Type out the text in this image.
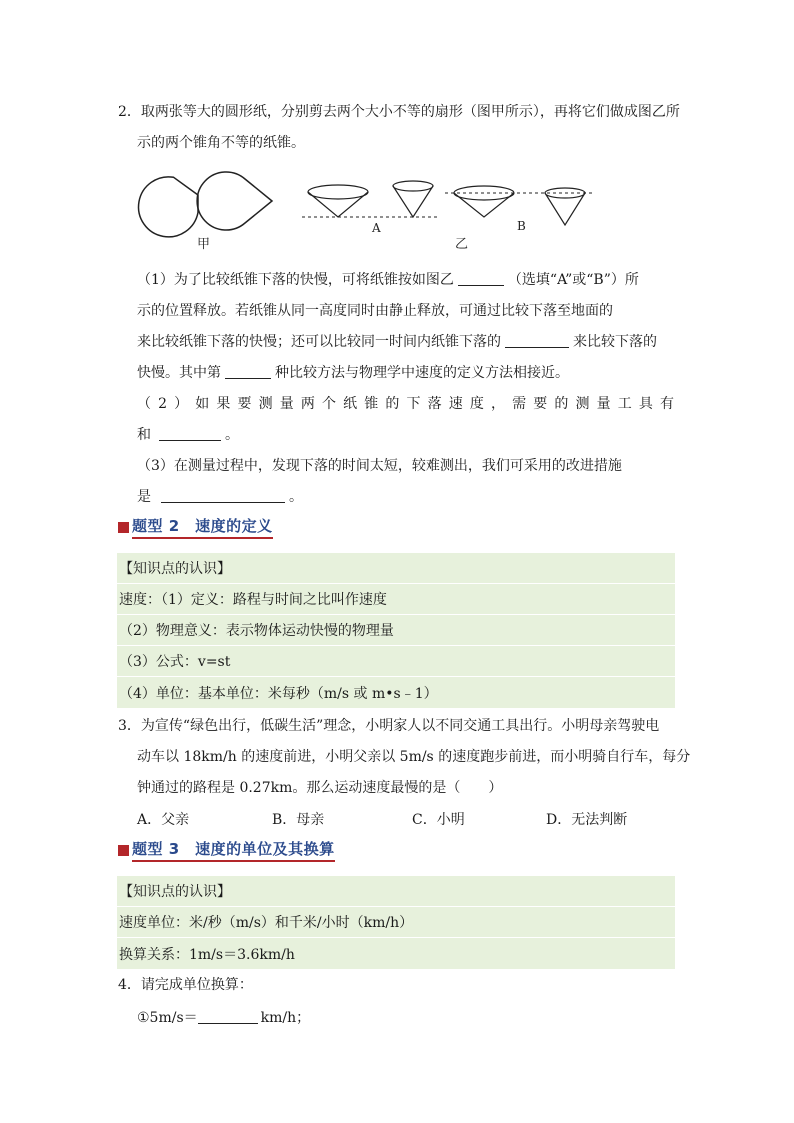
2．取两张等大的圆形纸，分别剪去两个大小不等的扇形（图甲所示），再将它们做成图乙所
示的两个锥角不等的纸锥。
甲
A	B
乙
（1）为了比较纸锥下落的快慢，可将纸锥按如图乙	（选填“A”或“B”）所
示的位置释放。若纸锥从同一高度同时由静止释放，可通过比较下落至地面的
来比较纸锥下落的快慢；还可以比较同一时间内纸锥下落的	来比较下落的
快慢。其中第	种比较方法与物理学中速度的定义方法相接近。
（2）如果要测量两个纸锥的下落速度，需要的测量工具有
和	。
（3）在测量过程中，发现下落的时间太短，较难测出，我们可采用的改进措施
是	。
题型 2　速度的定义
【知识点的认识】
速度：（1）定义：路程与时间之比叫作速度
（2）物理意义：表示物体运动快慢的物理量
（3）公式：v=st
（4）单位：基本单位：米每秒（m/s 或 m•s﹣1）
3．为宣传“绿色出行，低碳生活”理念，小明家人以不同交通工具出行。小明母亲驾驶电
动车以 18km/h 的速度前进，小明父亲以 5m/s 的速度跑步前进，而小明骑自行车，每分
钟通过的路程是 0.27km。那么运动速度最慢的是（　　）
A．父亲	B．母亲	C．小明	D．无法判断
题型 3　速度的单位及其换算
【知识点的认识】
速度单位：米/秒（m/s）和千米/小时（km/h）
换算关系：1m/s＝3.6km/h
4．请完成单位换算：
①5m/s＝	km/h；
